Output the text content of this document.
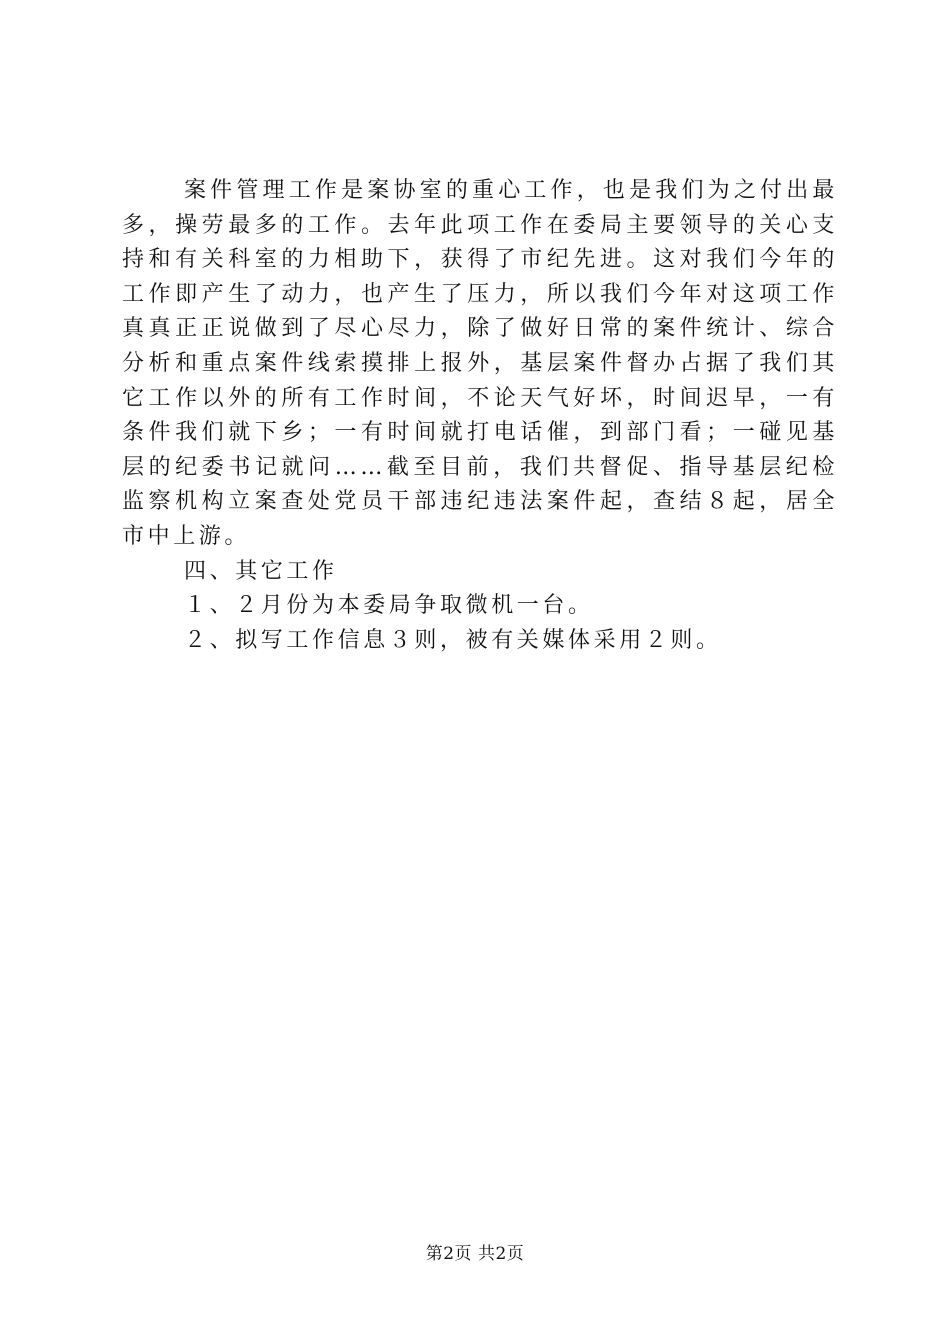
案件管理工作是案协室的重心工作，也是我们为之付出最
多，操劳最多的工作。去年此项工作在委局主要领导的关心支
持和有关科室的力相助下，获得了市纪先进。这对我们今年的
工作即产生了动力，也产生了压力，所以我们今年对这项工作
真真正正说做到了尽心尽力，除了做好日常的案件统计、综合
分析和重点案件线索摸排上报外，基层案件督办占据了我们其
它工作以外的所有工作时间，不论天气好坏，时间迟早，一有
条件我们就下乡；一有时间就打电话催，到部门看；一碰见基
层的纪委书记就问……截至目前，我们共督促、指导基层纪检
监察机构立案查处党员干部违纪违法案件起，查结８起，居全
市中上游。
四、其它工作
１、２月份为本委局争取微机一台。
２、拟写工作信息３则，被有关媒体采用２则。
第2页 共2页
